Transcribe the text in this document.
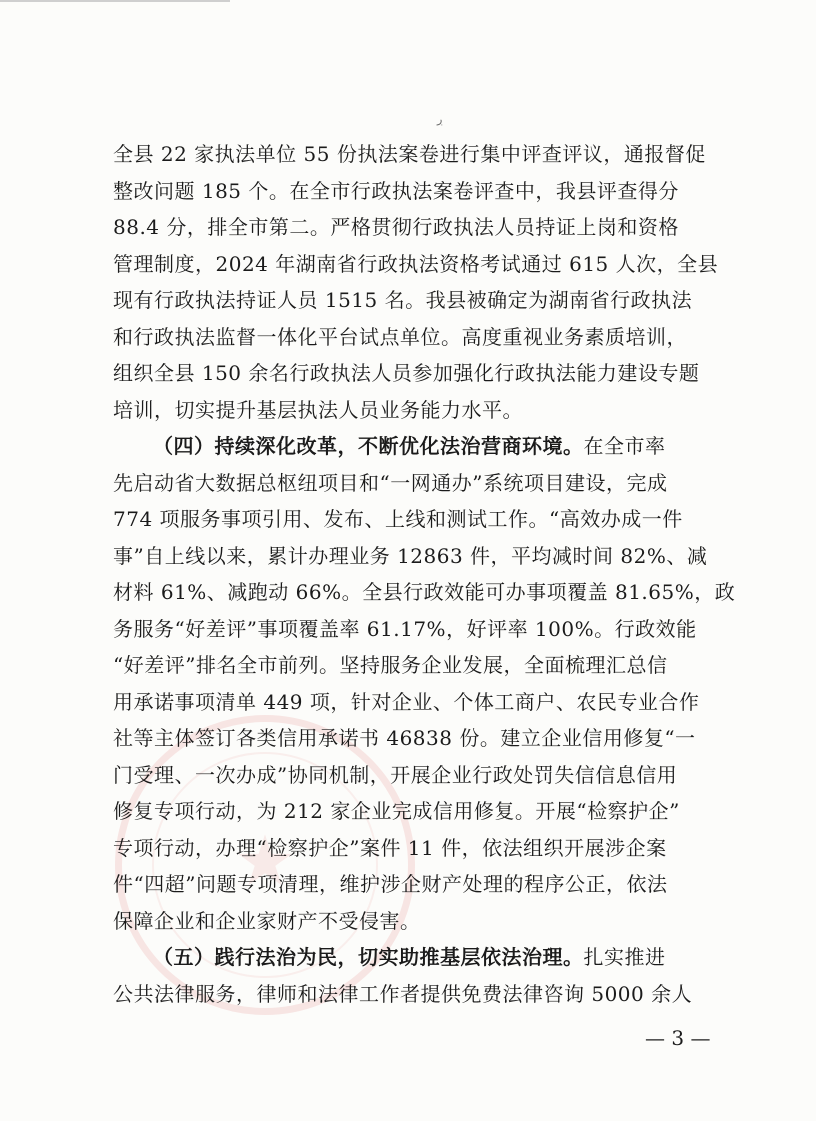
★
ڔ
全县 22 家执法单位 55 份执法案卷进行集中评查评议，通报督促
整改问题 185 个。在全市行政执法案卷评查中，我县评查得分
88.4 分，排全市第二。严格贯彻行政执法人员持证上岗和资格
管理制度，2024 年湖南省行政执法资格考试通过 615 人次，全县
现有行政执法持证人员 1515 名。我县被确定为湖南省行政执法
和行政执法监督一体化平台试点单位。高度重视业务素质培训，
组织全县 150 余名行政执法人员参加强化行政执法能力建设专题
培训，切实提升基层执法人员业务能力水平。
（四）持续深化改革，不断优化法治营商环境。在全市率
先启动省大数据总枢纽项目和“一网通办”系统项目建设，完成
774 项服务事项引用、发布、上线和测试工作。“高效办成一件
事”自上线以来，累计办理业务 12863 件，平均减时间 82%、减
材料 61%、减跑动 66%。全县行政效能可办事项覆盖 81.65%，政
务服务“好差评”事项覆盖率 61.17%，好评率 100%。行政效能
“好差评”排名全市前列。坚持服务企业发展，全面梳理汇总信
用承诺事项清单 449 项，针对企业、个体工商户、农民专业合作
社等主体签订各类信用承诺书 46838 份。建立企业信用修复“一
门受理、一次办成”协同机制，开展企业行政处罚失信信息信用
修复专项行动，为 212 家企业完成信用修复。开展“检察护企”
专项行动，办理“检察护企”案件 11 件，依法组织开展涉企案
件“四超”问题专项清理，维护涉企财产处理的程序公正，依法
保障企业和企业家财产不受侵害。
（五）践行法治为民，切实助推基层依法治理。扎实推进
公共法律服务，律师和法律工作者提供免费法律咨询 5000 余人
— 3 —
